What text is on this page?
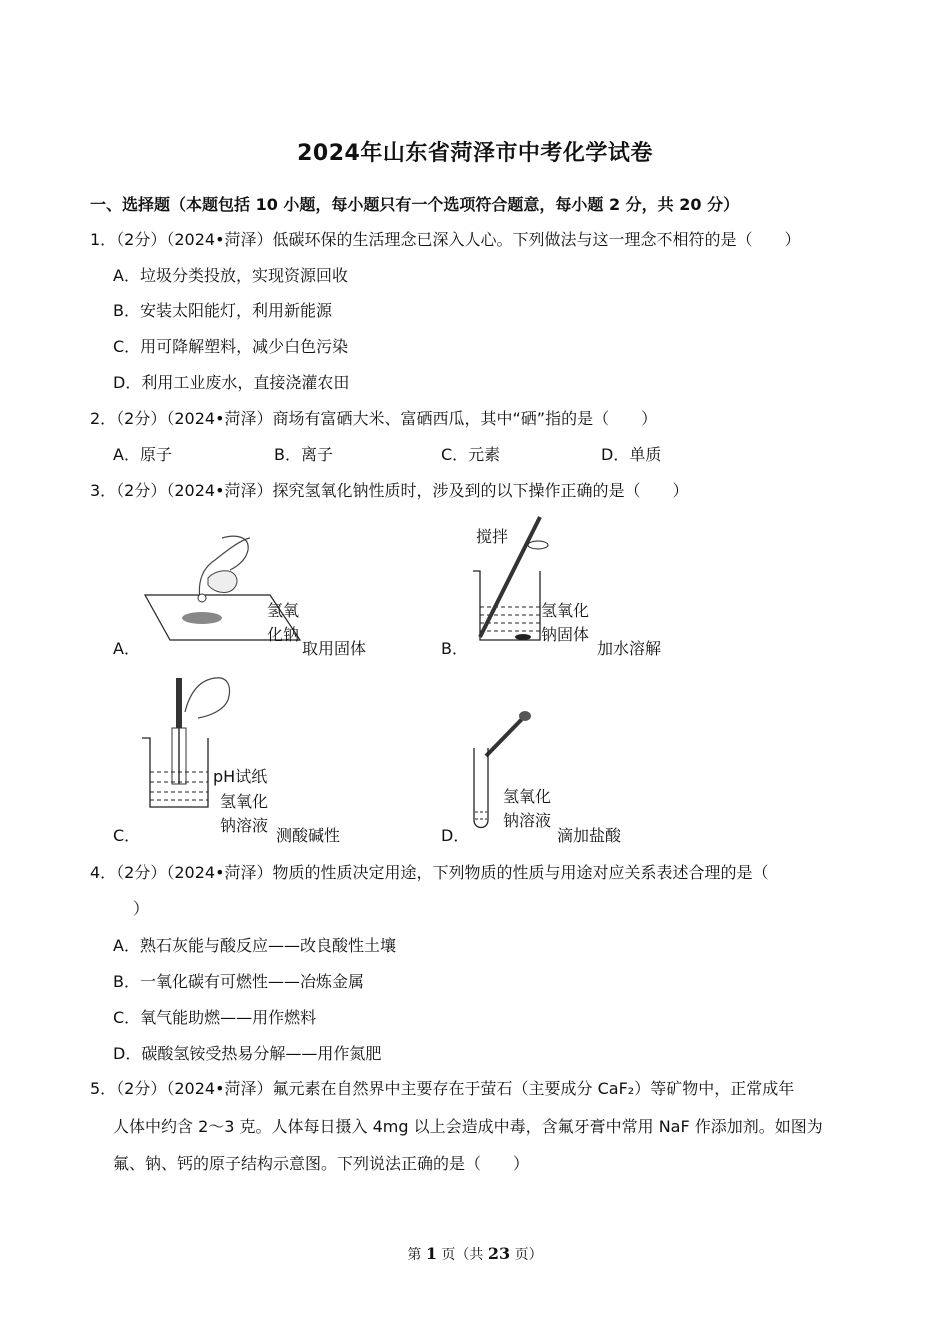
2024年山东省菏泽市中考化学试卷
一、选择题（本题包括 10 小题，每小题只有一个选项符合题意，每小题 2 分，共 20 分）
1．（2分）（2024•菏泽）低碳环保的生活理念已深入人心。下列做法与这一理念不相符的是（　　）
A．垃圾分类投放，实现资源回收
B．安装太阳能灯，利用新能源
C．用可降解塑料，减少白色污染
D．利用工业废水，直接浇灌农田
2．（2分）（2024•菏泽）商场有富硒大米、富硒西瓜，其中“硒”指的是（　　）
A．原子	B．离子	C．元素	D．单质
3．（2分）（2024•菏泽）探究氢氧化钠性质时，涉及到的以下操作正确的是（　　）
A．
氢氧
化钠
取用固体	B．
搅拌
氢氧化
钠固体
加水溶解
C．
pH试纸
氢氧化
钠溶液
测酸碱性	D．
氢氧化
钠溶液
滴加盐酸
4．（2分）（2024•菏泽）物质的性质决定用途，下列物质的性质与用途对应关系表述合理的是（
）
A．熟石灰能与酸反应——改良酸性土壤
B．一氧化碳有可燃性——冶炼金属
C．氧气能助燃——用作燃料
D．碳酸氢铵受热易分解——用作氮肥
5．（2分）（2024•菏泽）氟元素在自然界中主要存在于萤石（主要成分 CaF₂）等矿物中，正常成年
人体中约含 2～3 克。人体每日摄入 4mg 以上会造成中毒，含氟牙膏中常用 NaF 作添加剂。如图为
氟、钠、钙的原子结构示意图。下列说法正确的是（　　）
第 1 页（共 23 页）
